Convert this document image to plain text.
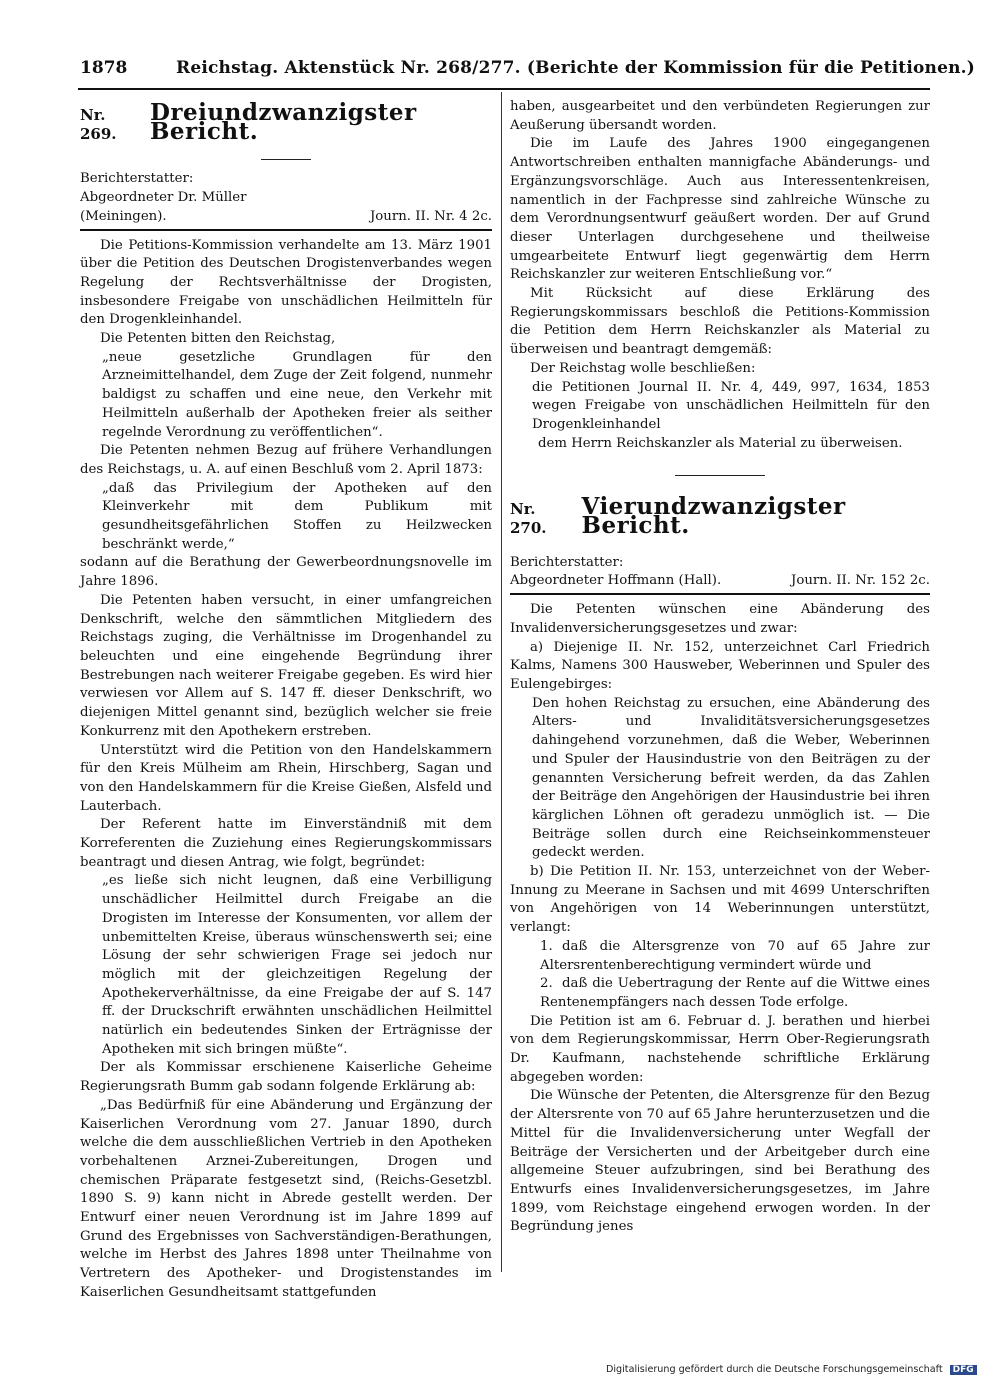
1878	Reichstag. Aktenstück Nr. 268/277. (Berichte der Kommission für die Petitionen.)
Nr. 269.
Dreiundzwanzigster Bericht.

Berichterstatter:

Abgeordneter Dr. Müller

(Meiningen).	Journ. II. Nr. 4 2c.

Die Petitions-Kommission verhandelte am 13. März 1901 über die Petition des Deutschen Drogistenverbandes wegen Regelung der Rechtsverhältnisse der Drogisten, insbesondere Freigabe von unschädlichen Heilmitteln für den Drogenkleinhandel.

Die Petenten bitten den Reichstag,

„neue gesetzliche Grundlagen für den Arzneimittelhandel, dem Zuge der Zeit folgend, nunmehr baldigst zu schaffen und eine neue, den Verkehr mit Heilmitteln außerhalb der Apotheken freier als seither regelnde Verordnung zu veröffentlichen“.

Die Petenten nehmen Bezug auf frühere Verhandlungen des Reichstags, u. A. auf einen Beschluß vom 2. April 1873:

„daß das Privilegium der Apotheken auf den Kleinverkehr mit dem Publikum mit gesundheitsgefährlichen Stoffen zu Heilzwecken beschränkt werde,“

sodann auf die Berathung der Gewerbeordnungsnovelle im Jahre 1896.

Die Petenten haben versucht, in einer umfangreichen Denkschrift, welche den sämmtlichen Mitgliedern des Reichstags zuging, die Verhältnisse im Drogenhandel zu beleuchten und eine eingehende Begründung ihrer Bestrebungen nach weiterer Freigabe gegeben. Es wird hier verwiesen vor Allem auf S. 147 ff. dieser Denkschrift, wo diejenigen Mittel genannt sind, bezüglich welcher sie freie Konkurrenz mit den Apothekern erstreben.

Unterstützt wird die Petition von den Handelskammern für den Kreis Mülheim am Rhein, Hirschberg, Sagan und von den Handelskammern für die Kreise Gießen, Alsfeld und Lauterbach.

Der Referent hatte im Einverständniß mit dem Korreferenten die Zuziehung eines Regierungskommissars beantragt und diesen Antrag, wie folgt, begründet:

„es ließe sich nicht leugnen, daß eine Verbilligung unschädlicher Heilmittel durch Freigabe an die Drogisten im Interesse der Konsumenten, vor allem der unbemittelten Kreise, überaus wünschenswerth sei; eine Lösung der sehr schwierigen Frage sei jedoch nur möglich mit der gleichzeitigen Regelung der Apothekerverhältnisse, da eine Freigabe der auf S. 147 ff. der Druckschrift erwähnten unschädlichen Heilmittel natürlich ein bedeutendes Sinken der Erträgnisse der Apotheken mit sich bringen müßte“.

Der als Kommissar erschienene Kaiserliche Geheime Regierungsrath Bumm gab sodann folgende Erklärung ab:

„Das Bedürfniß für eine Abänderung und Ergänzung der Kaiserlichen Verordnung vom 27. Januar 1890, durch welche die dem ausschließlichen Vertrieb in den Apotheken vorbehaltenen Arznei-Zubereitungen, Drogen und chemischen Präparate festgesetzt sind, (Reichs-Gesetzbl. 1890 S. 9) kann nicht in Abrede gestellt werden. Der Entwurf einer neuen Verordnung ist im Jahre 1899 auf Grund des Ergebnisses von Sachverständigen-Berathungen, welche im Herbst des Jahres 1898 unter Theilnahme von Vertretern des Apotheker- und Drogistenstandes im Kaiserlichen Gesundheitsamt stattgefunden

haben, ausgearbeitet und den verbündeten Regierungen zur Aeußerung übersandt worden.

Die im Laufe des Jahres 1900 eingegangenen Antwortschreiben enthalten mannigfache Abänderungs- und Ergänzungsvorschläge. Auch aus Interessentenkreisen, namentlich in der Fachpresse sind zahlreiche Wünsche zu dem Verordnungsentwurf geäußert worden. Der auf Grund dieser Unterlagen durchgesehene und theilweise umgearbeitete Entwurf liegt gegenwärtig dem Herrn Reichskanzler zur weiteren Entschließung vor.“

Mit Rücksicht auf diese Erklärung des Regierungskommissars beschloß die Petitions-Kommission die Petition dem Herrn Reichskanzler als Material zu überweisen und beantragt demgemäß:

Der Reichstag wolle beschließen:

die Petitionen Journal II. Nr. 4, 449, 997, 1634, 1853 wegen Freigabe von unschädlichen Heilmitteln für den Drogenkleinhandel

dem Herrn Reichskanzler als Material zu überweisen.

Nr. 270.
Vierundzwanzigster Bericht.

Berichterstatter:

Abgeordneter Hoffmann (Hall).	Journ. II. Nr. 152 2c.

Die Petenten wünschen eine Abänderung des Invalidenversicherungsgesetzes und zwar:

a) Diejenige II. Nr. 152, unterzeichnet Carl Friedrich Kalms, Namens 300 Hausweber, Weberinnen und Spuler des Eulengebirges:

Den hohen Reichstag zu ersuchen, eine Abänderung des Alters- und Invaliditätsversicherungsgesetzes dahingehend vorzunehmen, daß die Weber, Weberinnen und Spuler der Hausindustrie von den Beiträgen zu der genannten Versicherung befreit werden, da das Zahlen der Beiträge den Angehörigen der Hausindustrie bei ihren kärglichen Löhnen oft geradezu unmöglich ist. — Die Beiträge sollen durch eine Reichseinkommensteuer gedeckt werden.

b) Die Petition II. Nr. 153, unterzeichnet von der Weber-Innung zu Meerane in Sachsen und mit 4699 Unterschriften von Angehörigen von 14 Weberinnungen unterstützt, verlangt:

1. daß die Altersgrenze von 70 auf 65 Jahre zur Altersrentenberechtigung vermindert würde und

2. daß die Uebertragung der Rente auf die Wittwe eines Rentenempfängers nach dessen Tode erfolge.

Die Petition ist am 6. Februar d. J. berathen und hierbei von dem Regierungskommissar, Herrn Ober-Regierungsrath Dr. Kaufmann, nachstehende schriftliche Erklärung abgegeben worden:

Die Wünsche der Petenten, die Altersgrenze für den Bezug der Altersrente von 70 auf 65 Jahre herunterzusetzen und die Mittel für die Invalidenversicherung unter Wegfall der Beiträge der Versicherten und der Arbeitgeber durch eine allgemeine Steuer aufzubringen, sind bei Berathung des Entwurfs eines Invalidenversicherungsgesetzes, im Jahre 1899, vom Reichstage eingehend erwogen worden. In der Begründung jenes

Digitalisierung gefördert durch die Deutsche Forschungsgemeinschaft DFG
